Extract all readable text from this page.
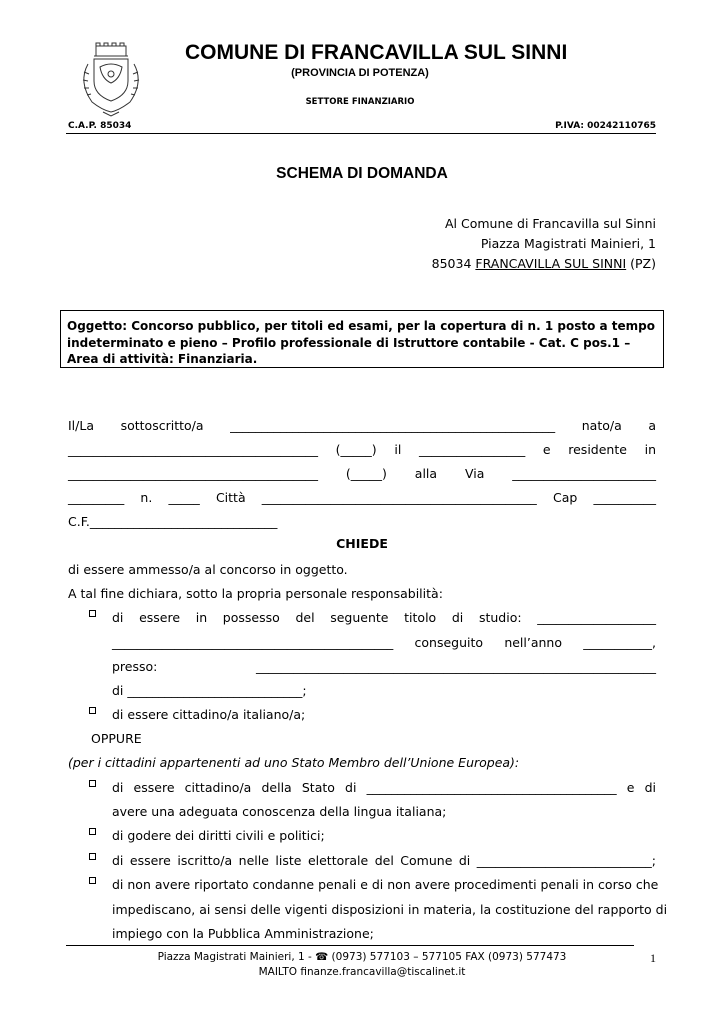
COMUNE DI FRANCAVILLA SUL SINNI
(PROVINCIA DI POTENZA)
SETTORE FINANZIARIO
C.A.P. 85034	P.IVA: 00242110765
SCHEMA DI DOMANDA
Al Comune di Francavilla sul Sinni
Piazza Magistrati Mainieri, 1
85034 FRANCAVILLA SUL SINNI (PZ)
Oggetto: Concorso pubblico, per titoli ed esami, per la copertura di n. 1 posto a tempo indeterminato e pieno – Profilo professionale di Istruttore contabile - Cat. C pos.1 – Area di attività: Finanziaria.
Il/La sottoscritto/a ____________________________________________________ nato/a a
________________________________________ (_____) il _________________ e residente in
________________________________________ (_____) alla Via _______________________
_________ n. _____ Città ____________________________________________ Cap __________
C.F.______________________________
CHIEDE
di essere ammesso/a al concorso in oggetto.
A tal fine dichiara, sotto la propria personale responsabilità:
di essere in possesso del seguente titolo di studio: ___________________
_____________________________________________ conseguito nell’anno ___________,
presso: ________________________________________________________________
di ____________________________;
di essere cittadino/a italiano/a;
OPPURE
(per i cittadini appartenenti ad uno Stato Membro dell’Unione Europea):
di essere cittadino/a della Stato di ________________________________________ e di
avere una adeguata conoscenza della lingua italiana;
di godere dei diritti civili e politici;
di essere iscritto/a nelle liste elettorale del Comune di ____________________________;
di non avere riportato condanne penali e di non avere procedimenti penali in corso che
impediscano, ai sensi delle vigenti disposizioni in materia, la costituzione del rapporto di
impiego con la Pubblica Amministrazione;
Piazza Magistrati Mainieri, 1 - ☎ (0973) 577103 – 577105 FAX (0973) 577473
MAILTO finanze.francavilla@tiscalinet.it
1
